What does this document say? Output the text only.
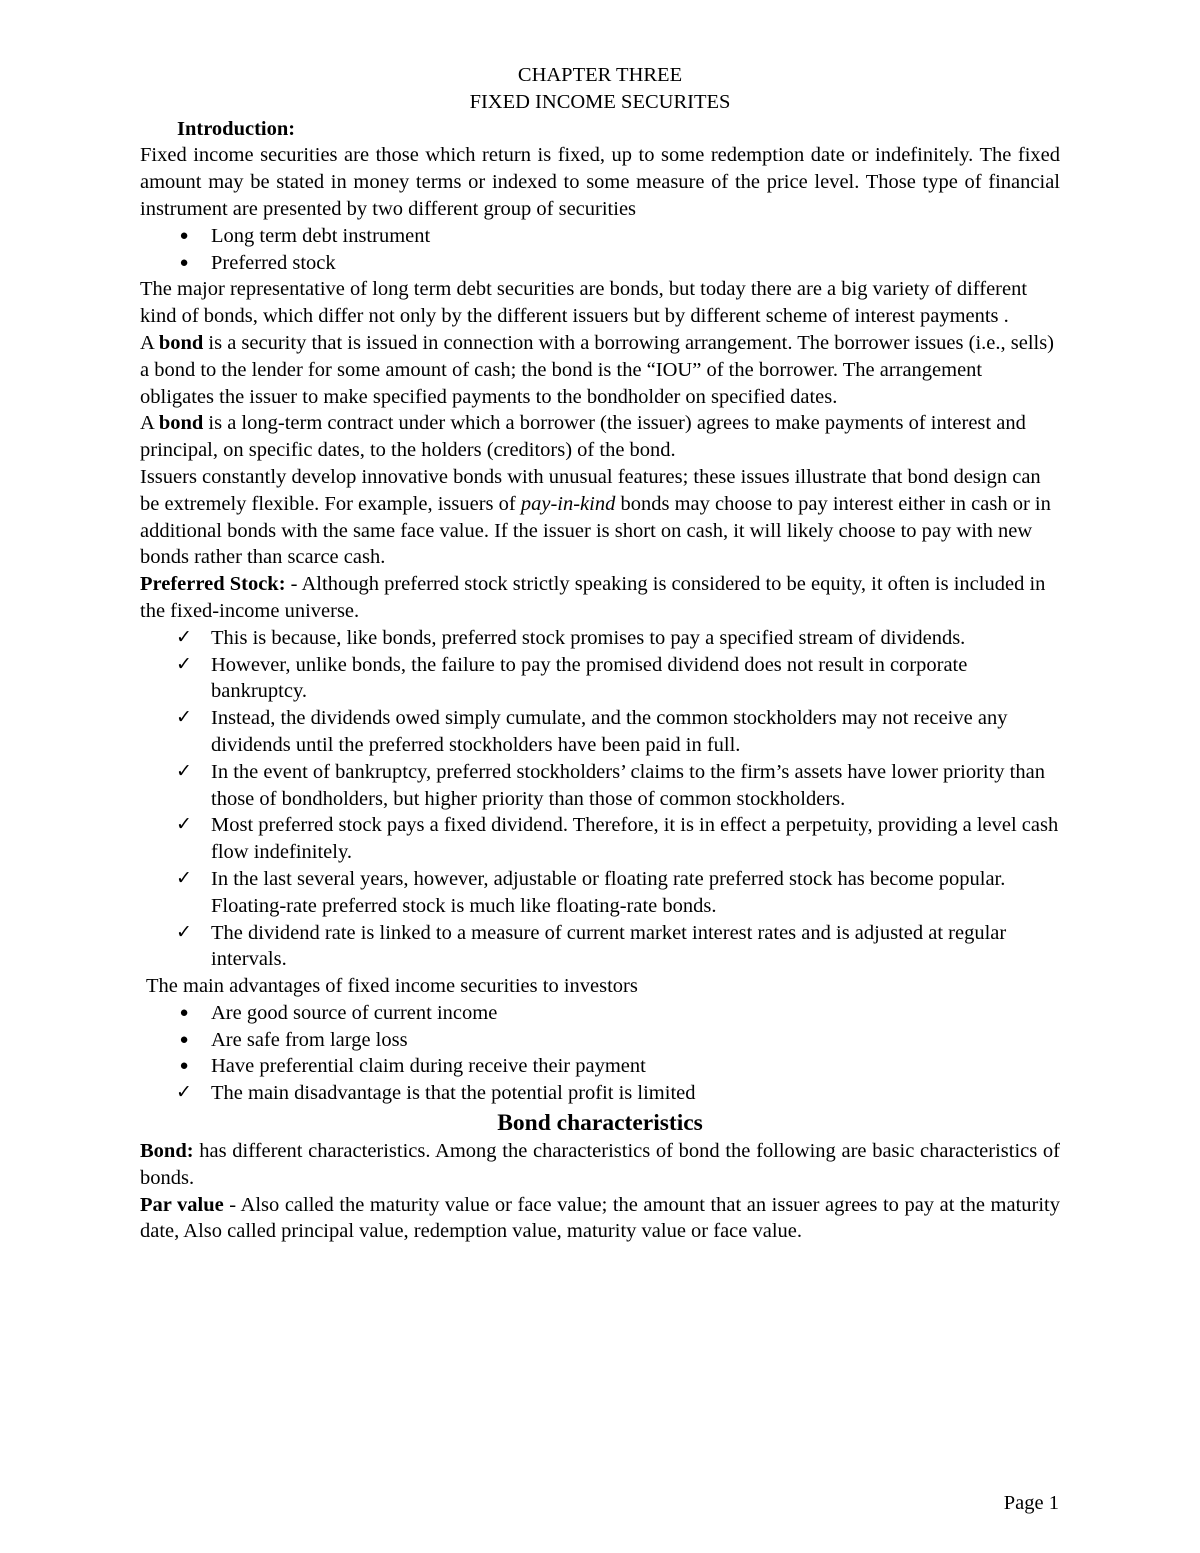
CHAPTER THREE
FIXED INCOME SECURITES
Introduction:

Fixed income securities are those which return is fixed, up to some redemption date or indefinitely. The fixed amount may be stated in money terms or indexed to some measure of the price level. Those type of financial instrument are presented by two different group of securities

● Long term debt instrument
● Preferred stock

The major representative of long term debt securities are bonds, but today there are a big variety of different kind of bonds, which differ not only by the different issuers but by different scheme of interest payments .

A bond is a security that is issued in connection with a borrowing arrangement. The borrower issues (i.e., sells) a bond to the lender for some amount of cash; the bond is the “IOU” of the borrower. The arrangement obligates the issuer to make specified payments to the bondholder on specified dates.

A bond is a long-term contract under which a borrower (the issuer) agrees to make payments of interest and principal, on specific dates, to the holders (creditors) of the bond.

Issuers constantly develop innovative bonds with unusual features; these issues illustrate that bond design can be extremely flexible. For example, issuers of pay-in-kind bonds may choose to pay interest either in cash or in additional bonds with the same face value. If the issuer is short on cash, it will likely choose to pay with new bonds rather than scarce cash.

Preferred Stock: - Although preferred stock strictly speaking is considered to be equity, it often is included in the fixed-income universe.

✓ This is because, like bonds, preferred stock promises to pay a specified stream of dividends.
✓ However, unlike bonds, the failure to pay the promised dividend does not result in corporate bankruptcy.
✓ Instead, the dividends owed simply cumulate, and the common stockholders may not receive any dividends until the preferred stockholders have been paid in full.
✓ In the event of bankruptcy, preferred stockholders’ claims to the firm’s assets have lower priority than those of bondholders, but higher priority than those of common stockholders.
✓ Most preferred stock pays a fixed dividend. Therefore, it is in effect a perpetuity, providing a level cash flow indefinitely.
✓ In the last several years, however, adjustable or floating rate preferred stock has become popular. Floating-rate preferred stock is much like floating-rate bonds.
✓ The dividend rate is linked to a measure of current market interest rates and is adjusted at regular intervals.

The main advantages of fixed income securities to investors

● Are good source of current income
● Are safe from large loss
● Have preferential claim during receive their payment
✓ The main disadvantage is that the potential profit is limited
Bond characteristics

Bond: has different characteristics. Among the characteristics of bond the following are basic characteristics of bonds.

Par value - Also called the maturity value or face value; the amount that an issuer agrees to pay at the maturity date, Also called principal value, redemption value, maturity value or face value.

Page 1
